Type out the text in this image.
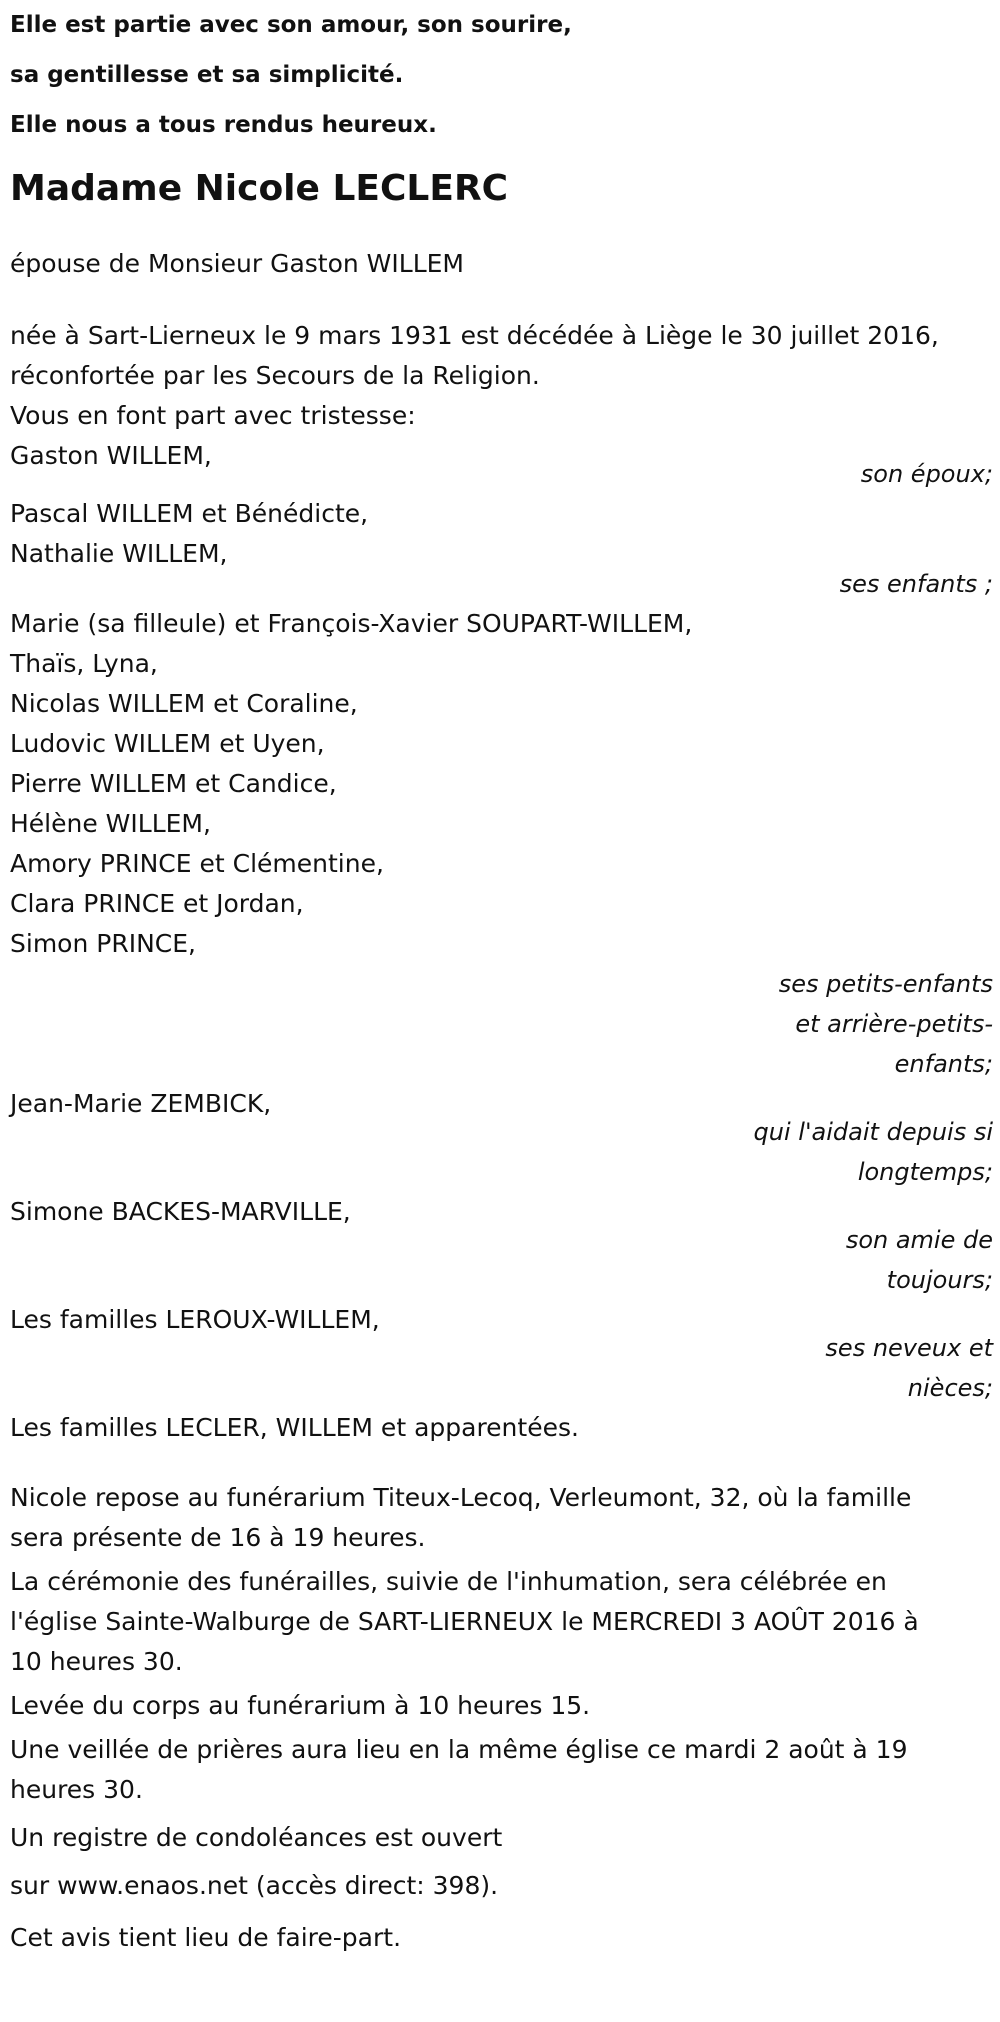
Elle est partie avec son amour, son sourire,

sa gentillesse et sa simplicité.

Elle nous a tous rendus heureux.

Madame Nicole LECLERC

épouse de Monsieur Gaston WILLEM

née à Sart-Lierneux le 9 mars 1931 est décédée à Liège le 30 juillet 2016,

réconfortée par les Secours de la Religion.

Vous en font part avec tristesse:

Gaston WILLEM,
son époux;
Pascal WILLEM et Bénédicte,
Nathalie WILLEM,
ses enfants ;
Marie (sa filleule) et François-Xavier SOUPART-WILLEM,
Thaïs, Lyna,
Nicolas WILLEM et Coraline,
Ludovic WILLEM et Uyen,
Pierre WILLEM et Candice,
Hélène WILLEM,
Amory PRINCE et Clémentine,
Clara PRINCE et Jordan,
Simon PRINCE,
ses petits-enfants
et arrière-petits-
enfants;
Jean-Marie ZEMBICK,
qui l'aidait depuis si
longtemps;
Simone BACKES-MARVILLE,
son amie de
toujours;
Les familles LEROUX-WILLEM,
ses neveux et
nièces;

Les familles LECLER, WILLEM et apparentées.

Nicole repose au funérarium Titeux-Lecoq, Verleumont, 32, où la famille

sera présente de 16 à 19 heures.

La cérémonie des funérailles, suivie de l'inhumation, sera célébrée en

l'église Sainte-Walburge de SART-LIERNEUX le MERCREDI 3 AOÛT 2016 à

10 heures 30.

Levée du corps au funérarium à 10 heures 15.

Une veillée de prières aura lieu en la même église ce mardi 2 août à 19

heures 30.

Un registre de condoléances est ouvert

sur www.enaos.net (accès direct: 398).

Cet avis tient lieu de faire-part.
